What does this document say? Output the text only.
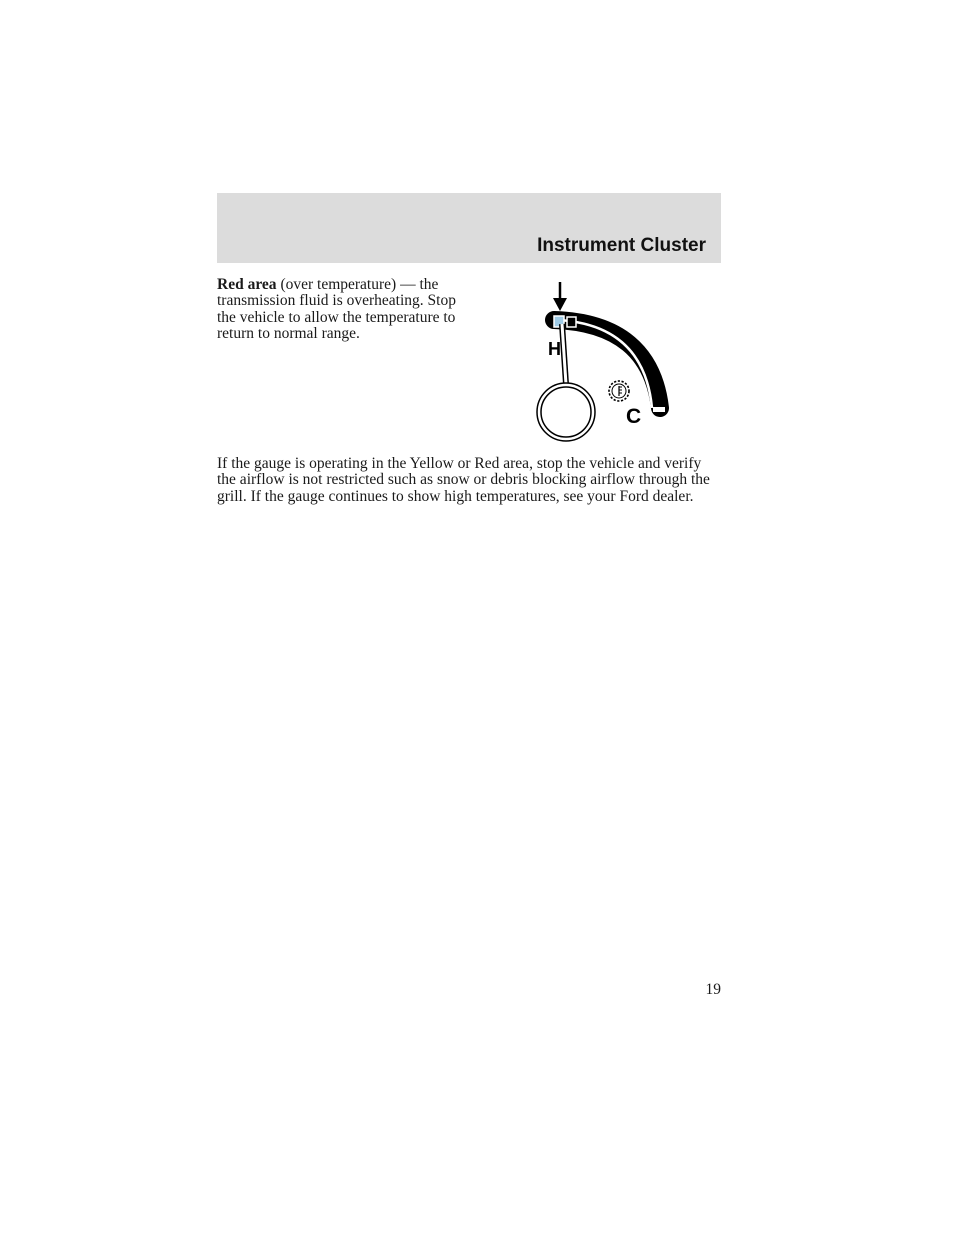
Instrument Cluster
Red area (over temperature) — the transmission fluid is overheating. Stop the vehicle to allow the temperature to return to normal range.
H
C
If the gauge is operating in the Yellow or Red area, stop the vehicle and verify the airflow is not restricted such as snow or debris blocking airflow through the grill. If the gauge continues to show high temperatures, see your Ford dealer.
19
